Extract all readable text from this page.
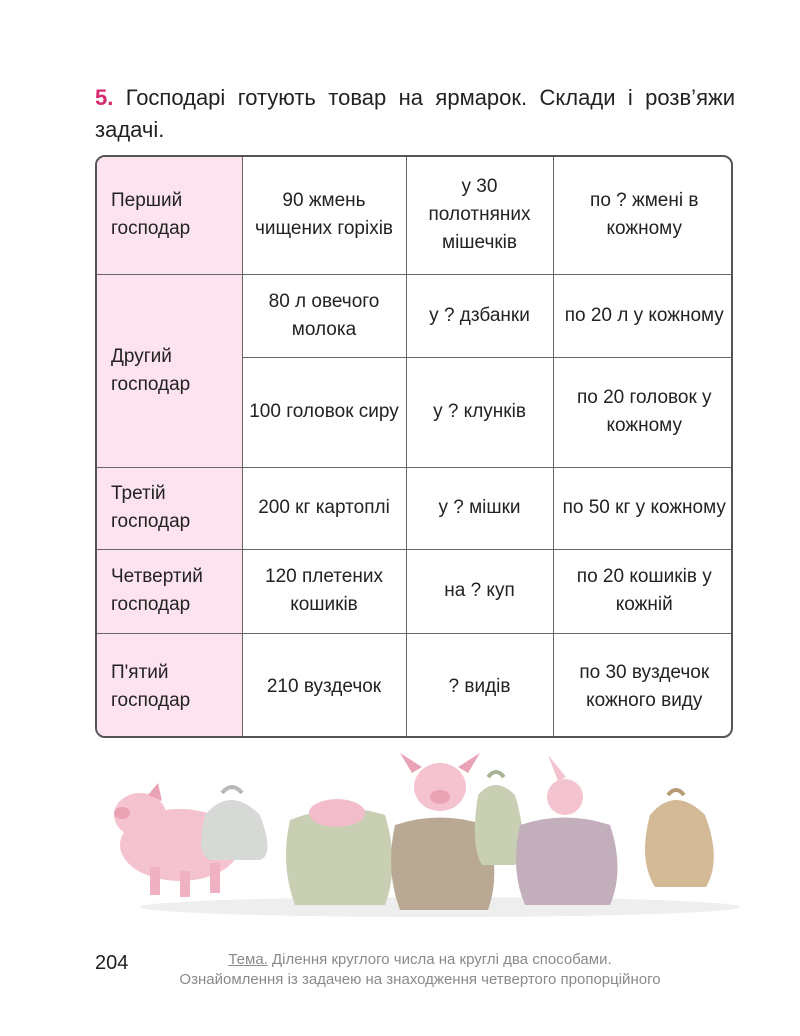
5. Господарі готують товар на ярмарок. Склади і розв’яжи задачі.
Перший господар	90 жмень чищених горіхів	у 30 полотняних мішечків	по ? жмені в кожному
Другий господар	80 л овечого молока	у ? дзбанки	по 20 л у кожному
	100 головок сиру	у ? клунків	по 20 головок у кожному
Третій господар	200 кг картоплі	у ? мішки	по 50 кг у кожному
Четвертий господар	120 плетених кошиків	на ? куп	по 20 кошиків у кожній
П'ятий господар	210 вуздечок	? видів	по 30 вуздечок кожного виду
204	Тема. Ділення круглого числа на круглі два способами.
Ознайомлення із задачею на знаходження четвертого пропорційного
